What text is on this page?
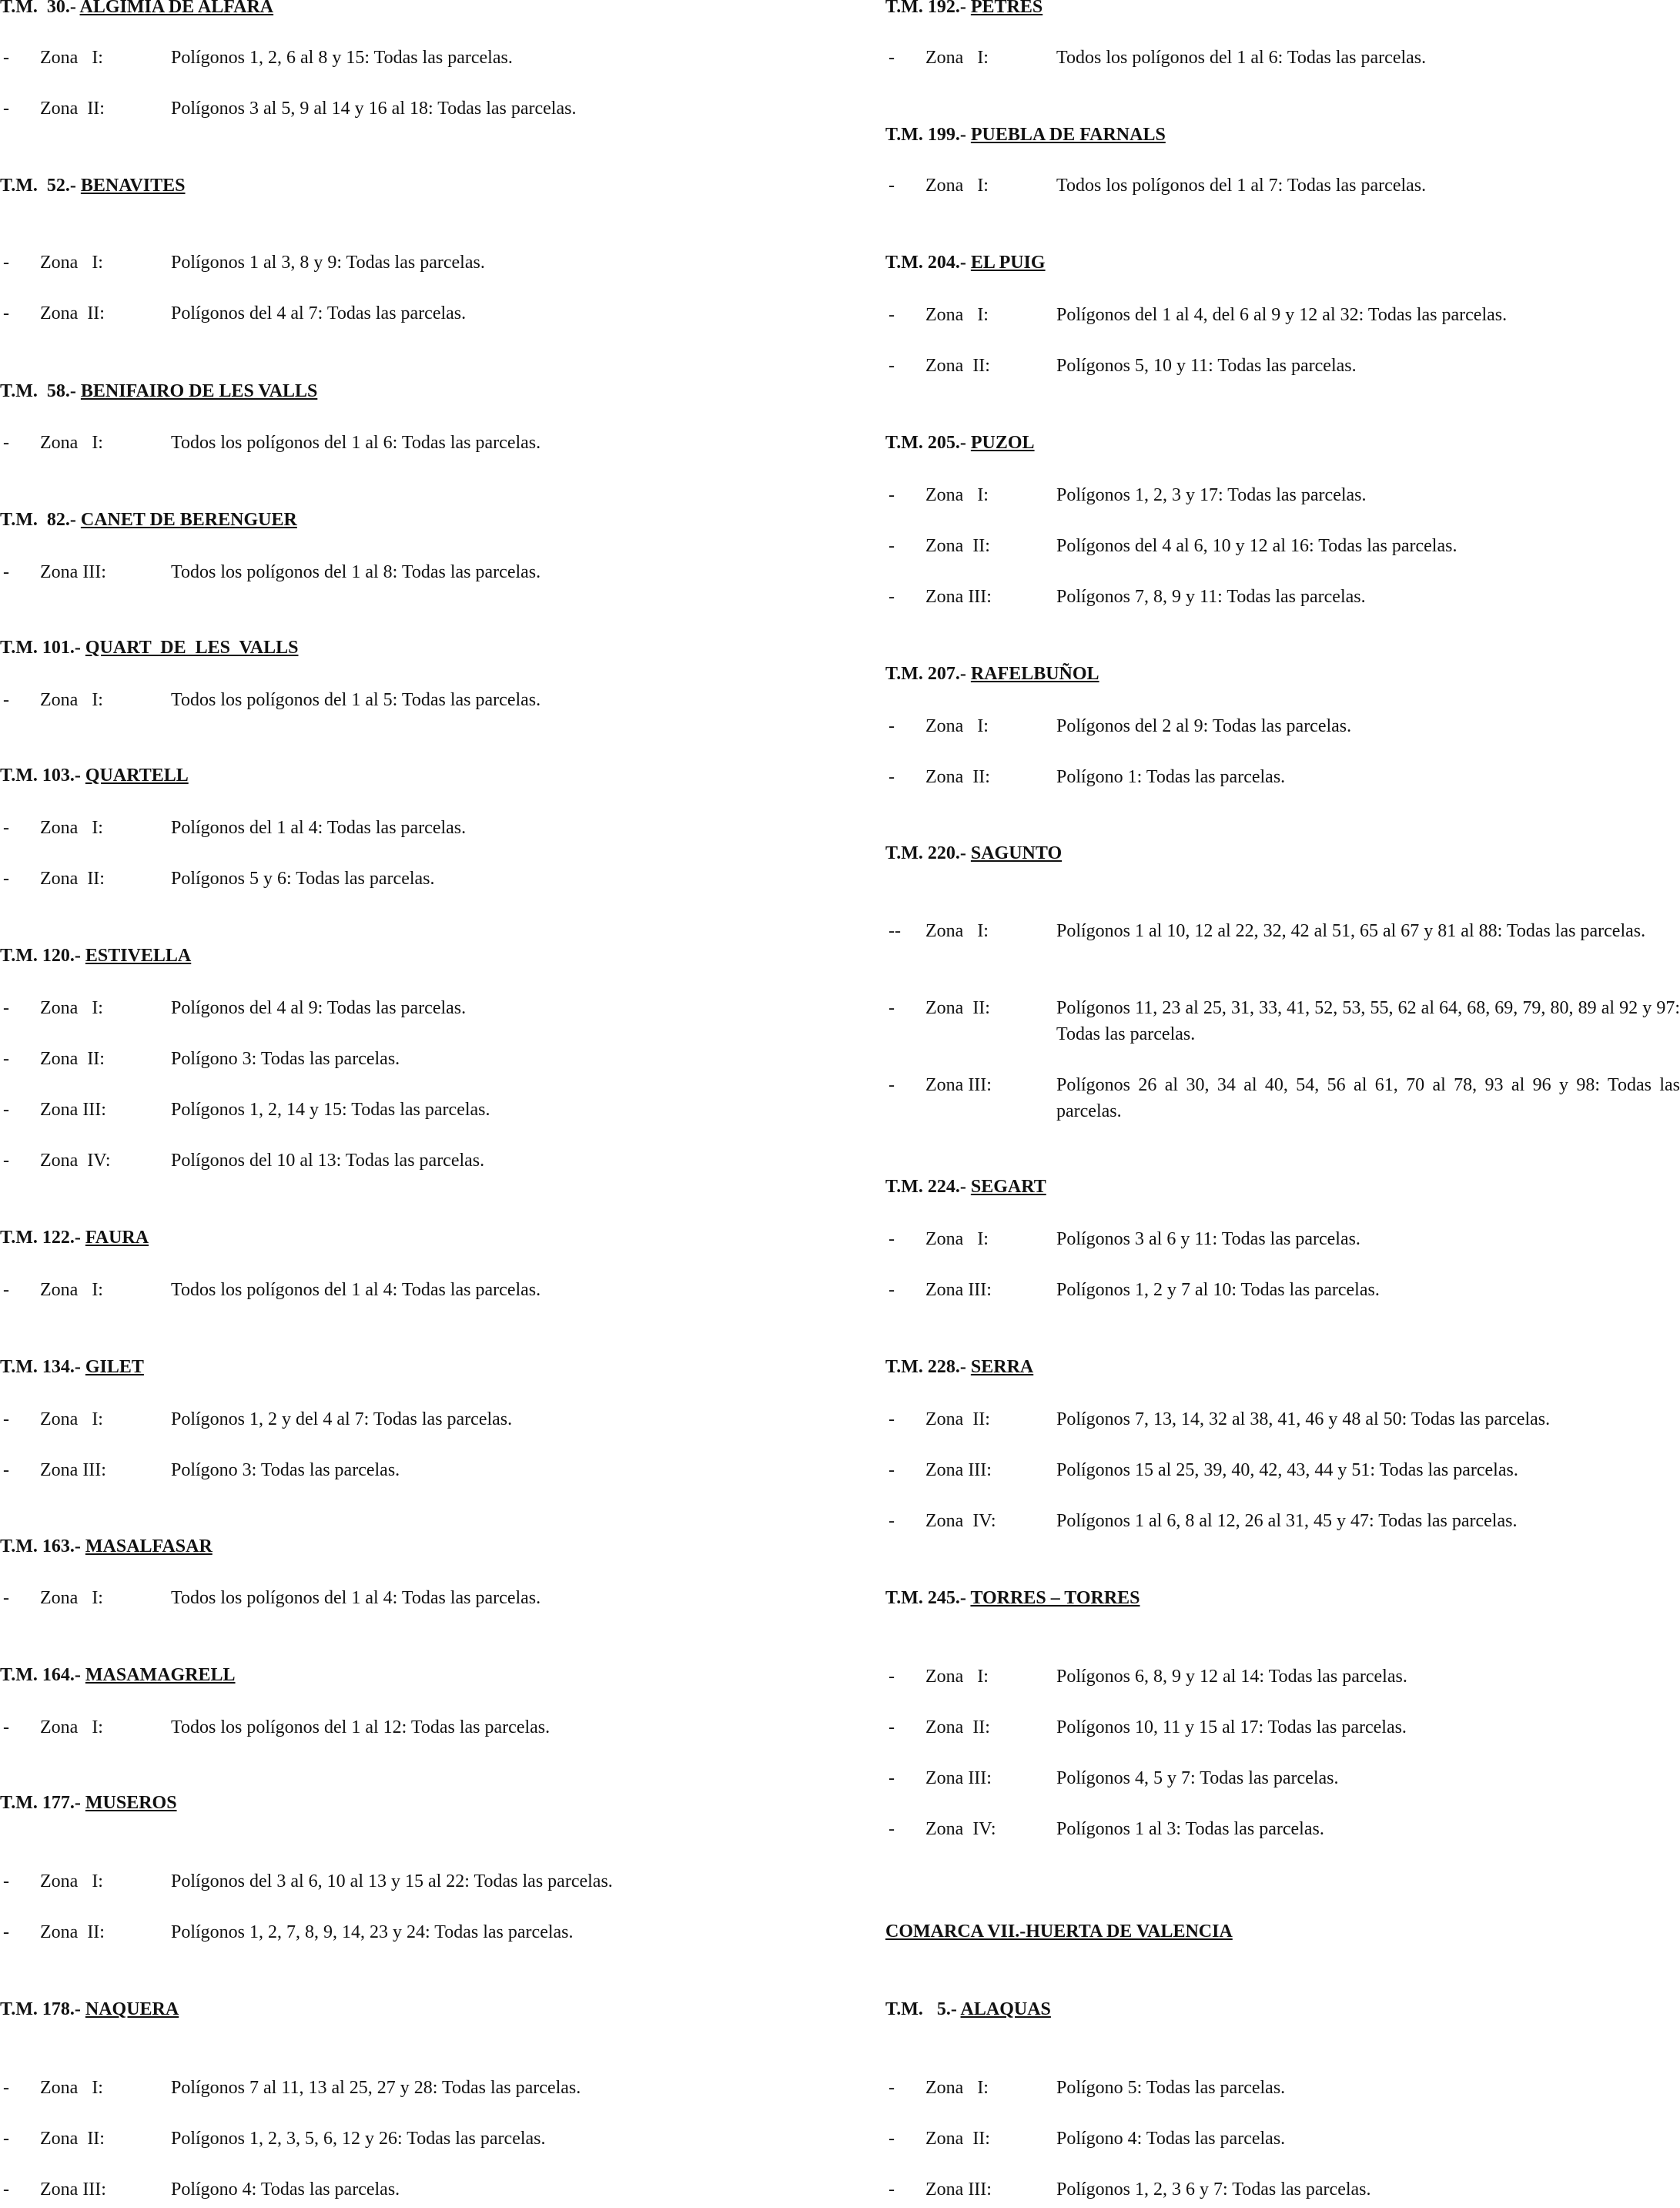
T.M.  30.- ALGIMIA DE ALFARA
- Zona   I:	Polígonos 1, 2, 6 al 8 y 15: Todas las parcelas.
- Zona  II:	Polígonos 3 al 5, 9 al 14 y 16 al 18: Todas las parcelas.
T.M.  52.- BENAVITES
- Zona   I:	Polígonos 1 al 3, 8 y 9: Todas las parcelas.
- Zona  II:	Polígonos del 4 al 7: Todas las parcelas.
T.M.  58.- BENIFAIRO DE LES VALLS
- Zona   I:	Todos los polígonos del 1 al 6: Todas las parcelas.
T.M.  82.- CANET DE BERENGUER
- Zona III:	Todos los polígonos del 1 al 8: Todas las parcelas.
T.M. 101.- QUART  DE  LES  VALLS
- Zona   I:	Todos los polígonos del 1 al 5: Todas las parcelas.
T.M. 103.- QUARTELL
- Zona   I:	Polígonos del 1 al 4: Todas las parcelas.
- Zona  II:	Polígonos 5 y 6: Todas las parcelas.
T.M. 120.- ESTIVELLA
- Zona   I:	Polígonos del 4 al 9: Todas las parcelas.
- Zona  II:	Polígono 3: Todas las parcelas.
- Zona III:	Polígonos 1, 2, 14 y 15: Todas las parcelas.
- Zona  IV:	Polígonos del 10 al 13: Todas las parcelas.
T.M. 122.- FAURA
- Zona   I:	Todos los polígonos del 1 al 4: Todas las parcelas.
T.M. 134.- GILET
- Zona   I:	Polígonos 1, 2 y del 4 al 7: Todas las parcelas.
- Zona III:	Polígono 3: Todas las parcelas.
T.M. 163.- MASALFASAR
- Zona   I:	Todos los polígonos del 1 al 4: Todas las parcelas.
T.M. 164.- MASAMAGRELL
- Zona   I:	Todos los polígonos del 1 al 12: Todas las parcelas.
T.M. 177.- MUSEROS
- Zona   I:	Polígonos del 3 al 6, 10 al 13 y 15 al 22: Todas las parcelas.
- Zona  II:	Polígonos 1, 2, 7, 8, 9, 14, 23 y 24: Todas las parcelas.
T.M. 178.- NAQUERA
- Zona   I:	Polígonos 7 al 11, 13 al 25, 27 y 28: Todas las parcelas.
- Zona  II:	Polígonos 1, 2, 3, 5, 6, 12 y 26: Todas las parcelas.
- Zona III:	Polígono 4: Todas las parcelas.
T.M. 192.- PETRES
- Zona   I:	Todos los polígonos del 1 al 6: Todas las parcelas.
T.M. 199.- PUEBLA DE FARNALS
- Zona   I:	Todos los polígonos del 1 al 7: Todas las parcelas.
T.M. 204.- EL PUIG
- Zona   I:	Polígonos del 1 al 4, del 6 al 9 y 12 al 32: Todas las parcelas.
- Zona  II:	Polígonos 5, 10 y 11: Todas las parcelas.
T.M. 205.- PUZOL
- Zona   I:	Polígonos 1, 2, 3 y 17: Todas las parcelas.
- Zona  II:	Polígonos del 4 al 6, 10 y 12 al 16: Todas las parcelas.
- Zona III:	Polígonos 7, 8, 9 y 11: Todas las parcelas.
T.M. 207.- RAFELBUÑOL
- Zona   I:	Polígonos del 2 al 9: Todas las parcelas.
- Zona  II:	Polígono 1: Todas las parcelas.
T.M. 220.- SAGUNTO
-- Zona   I:	Polígonos 1 al 10, 12 al 22, 32, 42 al 51, 65 al 67 y 81 al 88: Todas las parcelas.
- Zona  II:	Polígonos 11, 23 al 25, 31, 33, 41, 52, 53, 55, 62 al 64, 68, 69, 79, 80, 89 al 92 y 97: Todas las parcelas.
- Zona III:	Polígonos 26 al 30, 34 al 40, 54, 56 al 61, 70 al 78, 93 al 96 y 98: Todas las parcelas.
T.M. 224.- SEGART
- Zona   I:	Polígonos 3 al 6 y 11: Todas las parcelas.
- Zona III:	Polígonos 1, 2 y 7 al 10: Todas las parcelas.
T.M. 228.- SERRA
- Zona  II:	Polígonos 7, 13, 14, 32 al 38, 41, 46 y 48 al 50: Todas las parcelas.
- Zona III:	Polígonos 15 al 25, 39, 40, 42, 43, 44 y 51: Todas las parcelas.
- Zona  IV:	Polígonos 1 al 6, 8 al 12, 26 al 31, 45 y 47: Todas las parcelas.
T.M. 245.- TORRES – TORRES
- Zona   I:	Polígonos 6, 8, 9 y 12 al 14: Todas las parcelas.
- Zona  II:	Polígonos 10, 11 y 15 al 17: Todas las parcelas.
- Zona III:	Polígonos 4, 5 y 7: Todas las parcelas.
- Zona  IV:	Polígonos 1 al 3: Todas las parcelas.
COMARCA VII.-HUERTA DE VALENCIA
T.M.   5.- ALAQUAS
- Zona   I:	Polígono 5: Todas las parcelas.
- Zona  II:	Polígono 4: Todas las parcelas.
- Zona III:	Polígonos 1, 2, 3 6 y 7: Todas las parcelas.
